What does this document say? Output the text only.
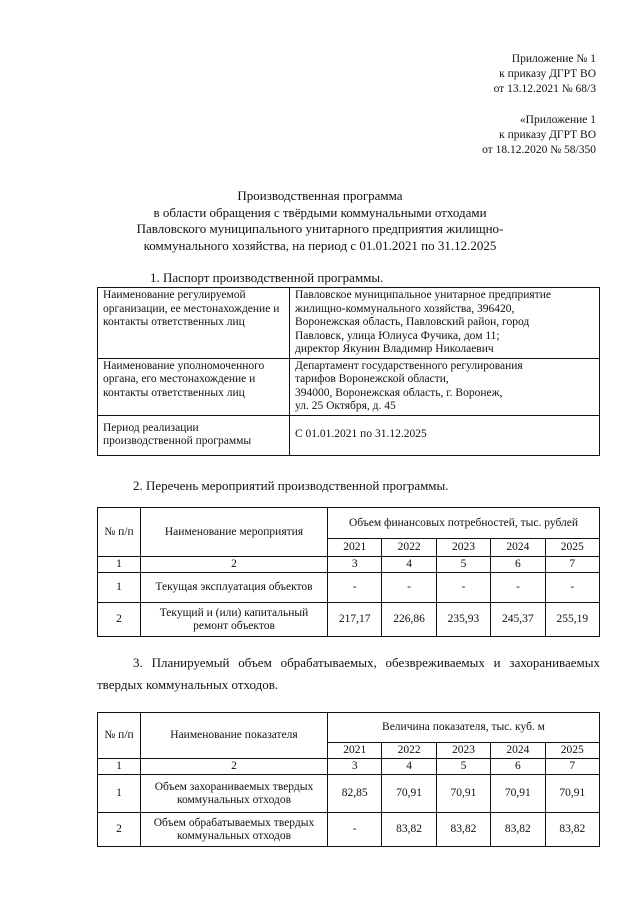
Приложение № 1
к приказу ДГРТ ВО
от 13.12.2021 № 68/3
«Приложение 1
к приказу ДГРТ ВО
от 18.12.2020 № 58/350
Производственная программа
в области обращения с твёрдыми коммунальными отходами
Павловского муниципального унитарного предприятия жилищно-
коммунального хозяйства, на период с 01.01.2021 по 31.12.2025
1. Паспорт производственной программы.
Наименование регулируемой организации, ее местонахождение и контакты ответственных лиц	Павловское муниципальное унитарное предприятие
жилищно-коммунального хозяйства, 396420,
Воронежская область, Павловский район, город
Павловск, улица Юлиуса Фучика, дом 11;
директор Якунин Владимир Николаевич

Наименование уполномоченного органа, его местонахождение и контакты ответственных лиц	Департамент государственного регулирования
тарифов Воронежской области,
394000, Воронежская область, г. Воронеж,
ул. 25 Октября, д. 45

Период реализации производственной программы	С 01.01.2021 по 31.12.2025
2. Перечень мероприятий производственной программы.
№ п/п	Наименование мероприятия	Объем финансовых потребностей, тыс. рублей				
		2021	2022	2023	2024	2025
1	2	3	4	5	6	7
1	Текущая эксплуатация объектов	-	-	-	-	-
2	Текущий и (или) капитальный ремонт объектов	217,17	226,86	235,93	245,37	255,19
3. Планируемый объем обрабатываемых, обезвреживаемых и захораниваемых твердых коммунальных отходов.
№ п/п	Наименование показателя	Величина показателя, тыс. куб. м				
		2021	2022	2023	2024	2025
1	2	3	4	5	6	7
1	Объем захораниваемых твердых коммунальных отходов	82,85	70,91	70,91	70,91	70,91
2	Объем обрабатываемых твердых коммунальных отходов	-	83,82	83,82	83,82	83,82
